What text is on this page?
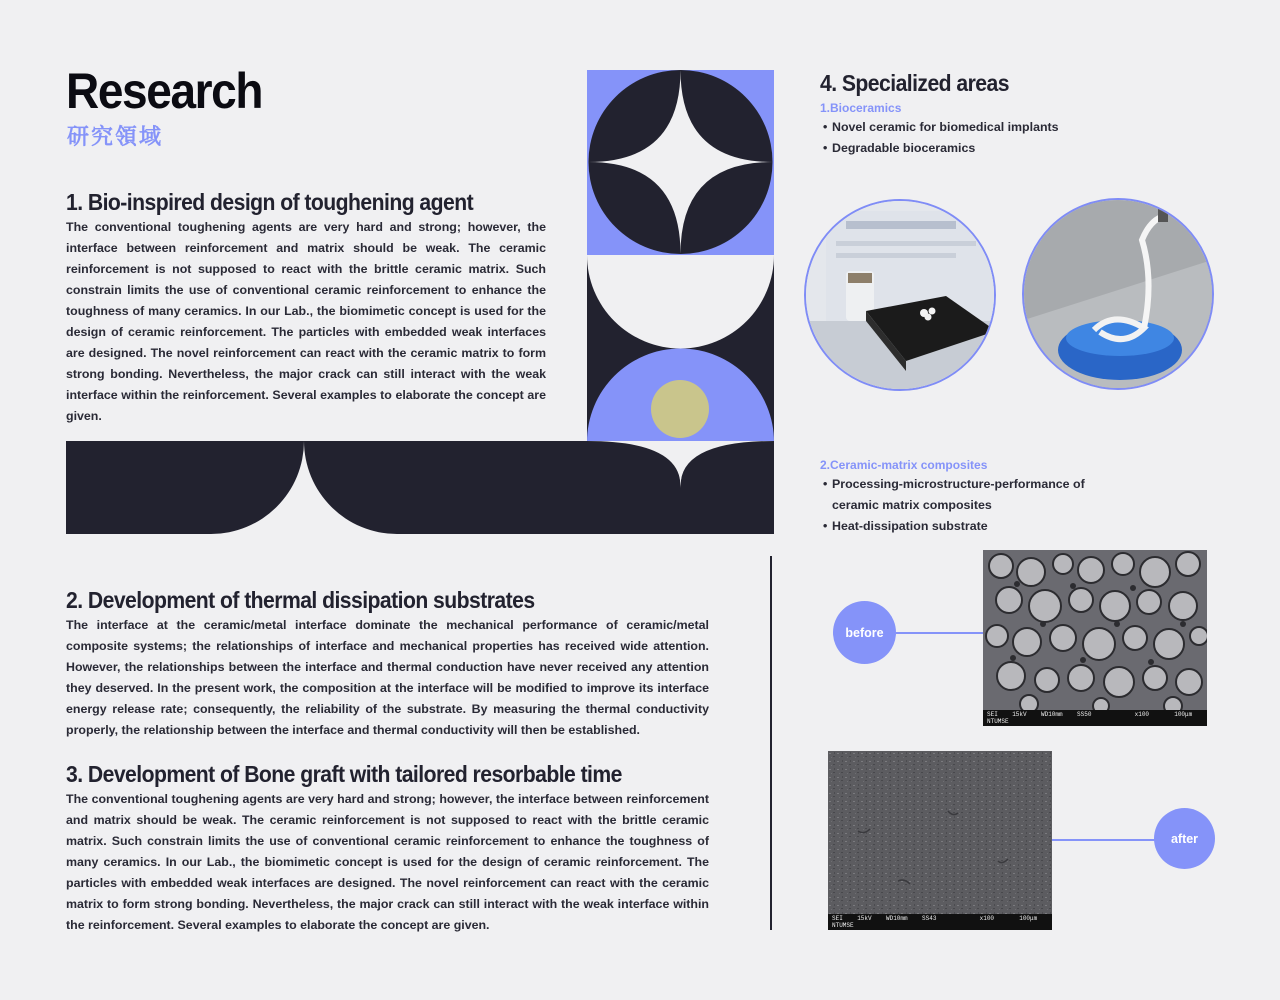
Research
研究領域
1. Bio-inspired design of toughening agent

The conventional toughening agents are very hard and strong; however, the interface between reinforcement and matrix should be weak. The ceramic reinforcement is not supposed to react with the brittle ceramic matrix. Such constrain limits the use of conventional ceramic reinforcement to enhance the toughness of many ceramics. In our Lab., the biomimetic concept is used for the design of ceramic reinforcement. The particles with embedded weak interfaces are designed. The novel reinforcement can react with the ceramic matrix to form strong bonding. Nevertheless, the major crack can still interact with the weak interface within the reinforcement. Several examples to elaborate the concept are given.

2. Development of thermal dissipation substrates

The interface at the ceramic/metal interface dominate the mechanical performance of ceramic/metal composite systems; the relationships of interface and mechanical properties has received wide attention. However, the relationships between the interface and thermal conduction have never received any attention they deserved. In the present work, the composition at the interface will be modified to improve its interface energy release rate; consequently, the reliability of the substrate. By measuring the thermal conductivity properly, the relationship between the interface and thermal conductivity will then be established.

3. Development of Bone graft with tailored resorbable time

The conventional toughening agents are very hard and strong; however, the interface between reinforcement and matrix should be weak. The ceramic reinforcement is not supposed to react with the brittle ceramic matrix. Such constrain limits the use of conventional ceramic reinforcement to enhance the toughness of many ceramics. In our Lab., the biomimetic concept is used for the design of ceramic reinforcement. The particles with embedded weak interfaces are designed. The novel reinforcement can react with the ceramic matrix to form strong bonding. Nevertheless, the major crack can still interact with the weak interface within the reinforcement. Several examples to elaborate the concept are given.

4. Specialized areas
1.Bioceramics
• Novel ceramic for biomedical implants
• Degradable bioceramics
2.Ceramic-matrix composites
• Processing-microstructure-performance of ceramic matrix composites
• Heat-dissipation substrate
before
SEI    15kV    WD10mm    SS50            x100       100μm
NTUMSE
SEI    15kV    WD10mm    SS43            x100       100μm
NTUMSE
after
